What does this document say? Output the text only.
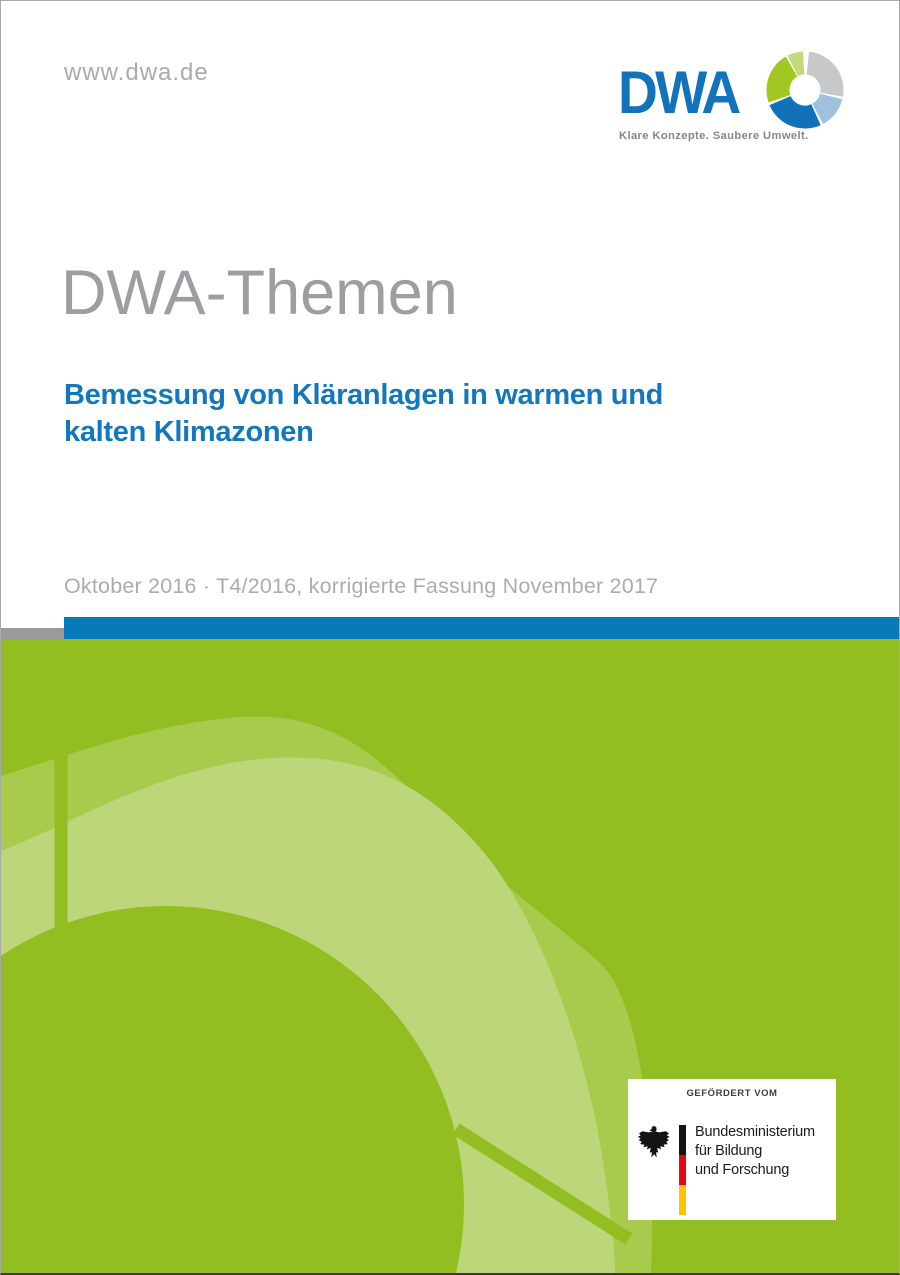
www.dwa.de	DWA
Klare Konzepte. Saubere Umwelt.
DWA-Themen
Bemessung von Kläranlagen in warmen und kalten Klimazonen
Oktober 2016 · T4/2016, korrigierte Fassung November 2017
GEFÖRDERT VOM
Bundesministerium
für Bildung
und Forschung
